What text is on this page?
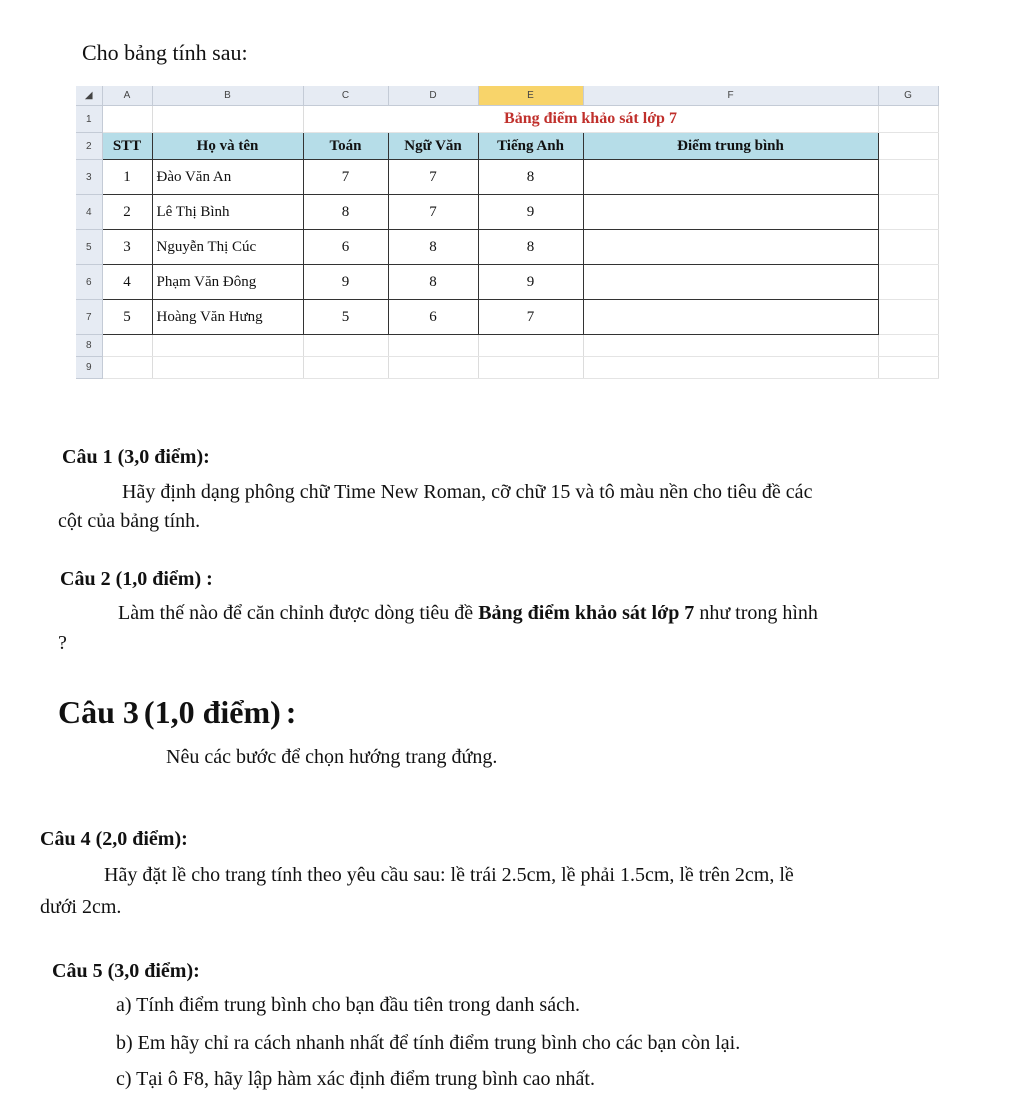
Cho bảng tính sau:
◢	A	B	C	D	E	F	G	
1			Bảng điểm khảo sát lớp 7					
2	STT	Họ và tên	Toán	Ngữ Văn	Tiếng Anh	Điểm trung bình		
3	1	Đào Văn An	7	7	8			
4	2	Lê Thị Bình	8	7	9			
5	3	Nguyễn Thị Cúc	6	8	8			
6	4	Phạm Văn Đông	9	8	9			
7	5	Hoàng Văn Hưng	5	6	7			
8								
9								
Câu 1 (3,0 điểm):
Hãy định dạng phông chữ Time New Roman, cỡ chữ 15 và tô màu nền cho tiêu đề các
cột của bảng tính.
Câu 2 (1,0 điểm) :
Làm thế nào để căn chỉnh được dòng tiêu đề Bảng điểm khảo sát lớp 7 như trong hình
?
Câu 3 (1,0 điểm) :
Nêu các bước để chọn hướng trang đứng.
Câu 4 (2,0 điểm):
Hãy đặt lề cho trang tính theo yêu cầu sau: lề trái 2.5cm, lề phải 1.5cm, lề trên 2cm, lề
dưới 2cm.
Câu 5 (3,0 điểm):
a) Tính điểm trung bình cho bạn đầu tiên trong danh sách.
b) Em hãy chỉ ra cách nhanh nhất để tính điểm trung bình cho các bạn còn lại.
c) Tại ô F8, hãy lập hàm xác định điểm trung bình cao nhất.
